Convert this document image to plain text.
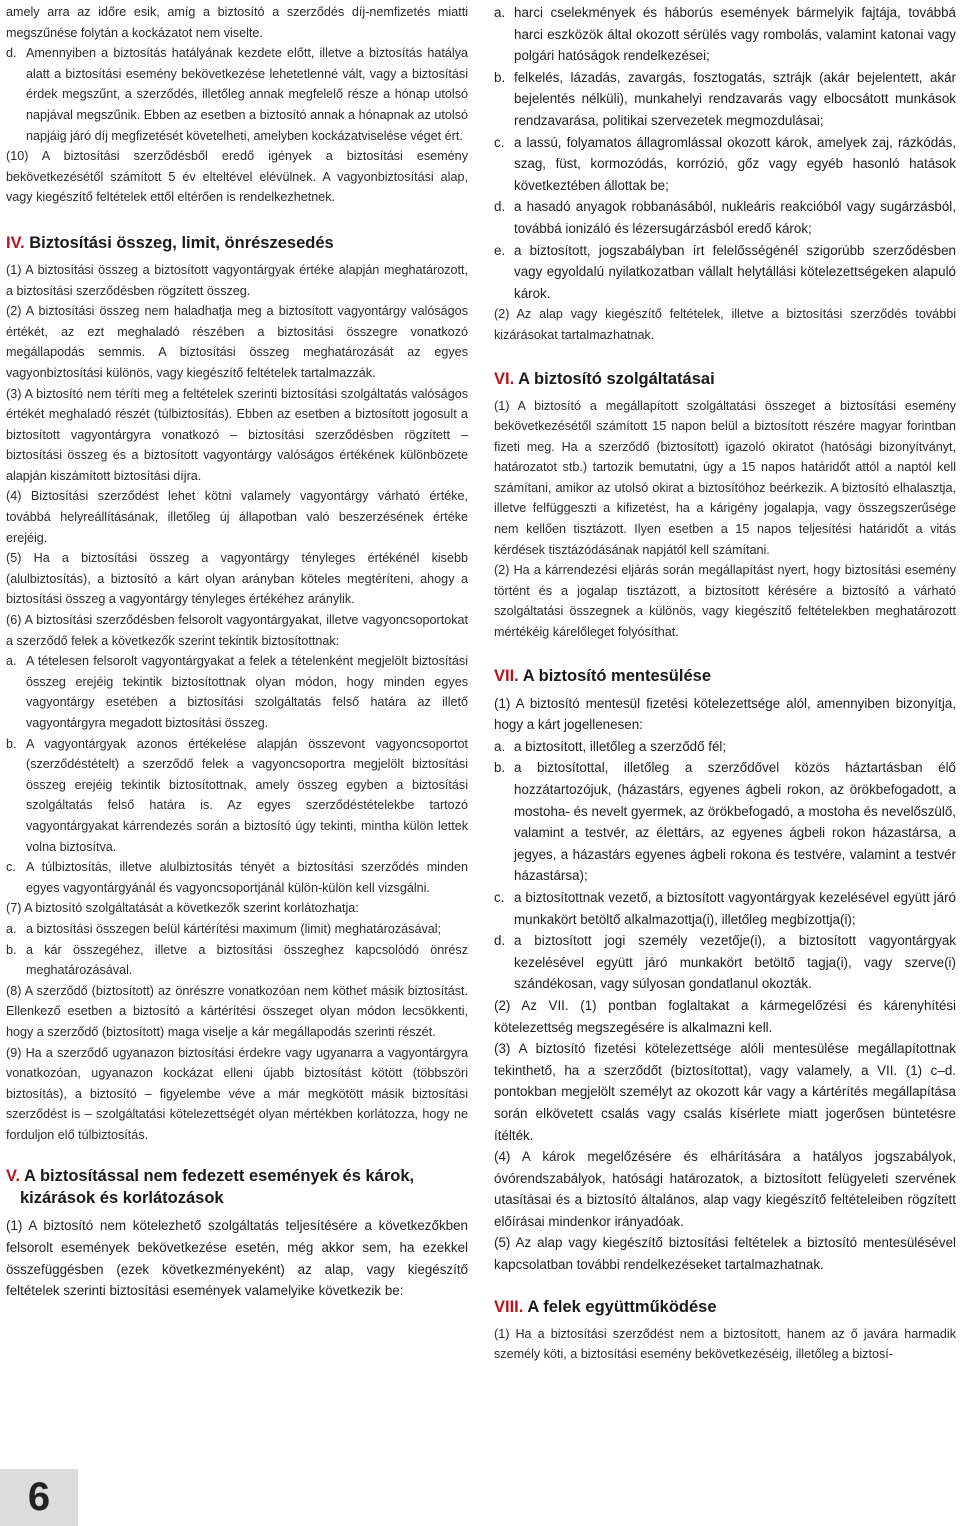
amely arra az időre esik, amíg a biztosító a szerződés díj-nemfizetés miatti megszűnése folytán a kockázatot nem viselte.

d. Amennyiben a biztosítás hatályának kezdete előtt, illetve a biztosítás hatálya alatt a biztosítási esemény bekövetkezése lehetetlenné vált, vagy a biztosítási érdek megszűnt, a szerződés, illetőleg annak megfelelő része a hónap utolsó napjával megszűnik. Ebben az esetben a biztosító annak a hónapnak az utolsó napjáig járó díj megfizetését követelheti, amelyben kockázatviselése véget ért.

(10) A biztosítási szerződésből eredő igények a biztosítási esemény bekövetkezésétől számított 5 év elteltével elévülnek. A vagyonbiztosítási alap, vagy kiegészítő feltételek ettől eltérően is rendelkezhetnek.

IV. Biztosítási összeg, limit, önrészesedés

(1) A biztosítási összeg a biztosított vagyontárgyak értéke alapján meghatározott, a biztosítási szerződésben rögzített összeg.

(2) A biztosítási összeg nem haladhatja meg a biztosított vagyontárgy valóságos értékét, az ezt meghaladó részében a biztosítási összegre vonatkozó megállapodás semmis. A biztosítási összeg meghatározását az egyes vagyonbiztosítási különös, vagy kiegészítő feltételek tartalmazzák.

(3) A biztosító nem téríti meg a feltételek szerinti biztosítási szolgáltatás valóságos értékét meghaladó részét (túlbiztosítás). Ebben az esetben a biztosított jogosult a biztosított vagyontárgyra vonatkozó – biztosítási szerződésben rögzített – biztosítási összeg és a biztosított vagyontárgy valóságos értékének különbözete alapján kiszámított biztosítási díjra.

(4) Biztosítási szerződést lehet kötni valamely vagyontárgy várható értéke, továbbá helyreállításának, illetőleg új állapotban való beszerzésének értéke erejéig.

(5) Ha a biztosítási összeg a vagyontárgy tényleges értékénél kisebb (alulbiztosítás), a biztosító a kárt olyan arányban köteles megtéríteni, ahogy a biztosítási összeg a vagyontárgy tényleges értékéhez aránylik.

(6) A biztosítási szerződésben felsorolt vagyontárgyakat, illetve vagyoncsoportokat a szerződő felek a következők szerint tekintik biztosítottnak:

a. A tételesen felsorolt vagyontárgyakat a felek a tételenként megjelölt biztosítási összeg erejéig tekintik biztosítottnak olyan módon, hogy minden egyes vagyontárgy esetében a biztosítási szolgáltatás felső határa az illető vagyontárgyra megadott biztosítási összeg.
b. A vagyontárgyak azonos értékelése alapján összevont vagyoncsoportot (szerződéstételt) a szerződő felek a vagyoncsoportra megjelölt biztosítási összeg erejéig tekintik biztosítottnak, amely összeg egyben a biztosítási szolgáltatás felső határa is. Az egyes szerződéstételekbe tartozó vagyontárgyakat kárrendezés során a biztosító úgy tekinti, mintha külön lettek volna biztosítva.
c. A túlbiztosítás, illetve alulbiztosítás tényét a biztosítási szerződés minden egyes vagyontárgyánál és vagyoncsoportjánál külön-külön kell vizsgálni.

(7) A biztosító szolgáltatását a következők szerint korlátozhatja:

a. a biztosítási összegen belül kártérítési maximum (limit) meghatározásával;
b. a kár összegéhez, illetve a biztosítási összeghez kapcsolódó önrész meghatározásával.

(8) A szerződő (biztosított) az önrészre vonatkozóan nem köthet másik biztosítást. Ellenkező esetben a biztosító a kártérítési összeget olyan módon lecsökkenti, hogy a szerződő (biztosított) maga viselje a kár megállapodás szerinti részét.

(9) Ha a szerződő ugyanazon biztosítási érdekre vagy ugyanarra a vagyontárgyra vonatkozóan, ugyanazon kockázat elleni újabb biztosítást kötött (többszöri biztosítás), a biztosító – figyelembe véve a már megkötött másik biztosítási szerződést is – szolgáltatási kötelezettségét olyan mértékben korlátozza, hogy ne forduljon elő túlbiztosítás.

V. A biztosítással nem fedezett események és károk,
kizárások és korlátozások

(1) A biztosító nem kötelezhető szolgáltatás teljesítésére a következőkben felsorolt események bekövetkezése esetén, még akkor sem, ha ezekkel összefüggésben (ezek következményeként) az alap, vagy kiegészítő feltételek szerinti biztosítási események valamelyike következik be:

a. harci cselekmények és háborús események bármelyik fajtája, továbbá harci eszközök által okozott sérülés vagy rombolás, valamint katonai vagy polgári hatóságok rendelkezései;
b. felkelés, lázadás, zavargás, fosztogatás, sztrájk (akár bejelentett, akár bejelentés nélküli), munkahelyi rendzavarás vagy elbocsátott munkások rendzavarása, politikai szervezetek megmozdulásai;
c. a lassú, folyamatos állagromlással okozott károk, amelyek zaj, rázkódás, szag, füst, kormozódás, korrózió, gőz vagy egyéb hasonló hatások következtében állottak be;
d. a hasadó anyagok robbanásából, nukleáris reakcióból vagy sugárzásból, továbbá ionizáló és lézersugárzásból eredő károk;
e. a biztosított, jogszabályban írt felelősségénél szigorúbb szerződésben vagy egyoldalú nyilatkozatban vállalt helytállási kötelezettségeken alapuló károk.

(2) Az alap vagy kiegészítő feltételek, illetve a biztosítási szerződés további kizárásokat tartalmazhatnak.

VI. A biztosító szolgáltatásai

(1) A biztosító a megállapított szolgáltatási összeget a biztosítási esemény bekövetkezésétől számított 15 napon belül a biztosított részére magyar forintban fizeti meg. Ha a szerződő (biztosított) igazoló okiratot (hatósági bizonyítványt, határozatot stb.) tartozik bemutatni, úgy a 15 napos határidőt attól a naptól kell számítani, amikor az utolsó okirat a biztosítóhoz beérkezik. A biztosító elhalasztja, illetve felfüggeszti a kifizetést, ha a kárigény jogalapja, vagy összegszerűsége nem kellően tisztázott. Ilyen esetben a 15 napos teljesítési határidőt a vitás kérdések tisztázódásának napjától kell számítani.

(2) Ha a kárrendezési eljárás során megállapítást nyert, hogy biztosítási esemény történt és a jogalap tisztázott, a biztosított kérésére a biztosító a várható szolgáltatási összegnek a különös, vagy kiegészítő feltételekben meghatározott mértékéig kárelőleget folyósíthat.

VII. A biztosító mentesülése

(1) A biztosító mentesül fizetési kötelezettsége alól, amennyiben bizonyítja, hogy a kárt jogellenesen:

a. a biztosított, illetőleg a szerződő fél;
b. a biztosítottal, illetőleg a szerződővel közös háztartásban élő hozzátartozójuk, (házastárs, egyenes ágbeli rokon, az örökbefogadott, a mostoha- és nevelt gyermek, az örökbefogadó, a mostoha és nevelőszülő, valamint a testvér, az élettárs, az egyenes ágbeli rokon házastársa, a jegyes, a házastárs egyenes ágbeli rokona és testvére, valamint a testvér házastársa);
c. a biztosítottnak vezető, a biztosított vagyontárgyak kezelésével együtt járó munkakört betöltő alkalmazottja(i), illetőleg megbízottja(i);
d. a biztosított jogi személy vezetője(i), a biztosított vagyontárgyak kezelésével együtt járó munkakört betöltő tagja(i), vagy szerve(i) szándékosan, vagy súlyosan gondatlanul okozták.

(2) Az VII. (1) pontban foglaltakat a kármegelőzési és kárenyhítési kötelezettség megszegésére is alkalmazni kell.

(3) A biztosító fizetési kötelezettsége alóli mentesülése megállapítottnak tekinthető, ha a szerződőt (biztosítottat), vagy valamely, a VII. (1) c–d. pontokban megjelölt személyt az okozott kár vagy a kártérítés megállapítása során elkövetett csalás vagy csalás kísérlete miatt jogerősen büntetésre ítélték.

(4) A károk megelőzésére és elhárítására a hatályos jogszabályok, óvórendszabályok, hatósági határozatok, a biztosított felügyeleti szervének utasításai és a biztosító általános, alap vagy kiegészítő feltételeiben rögzített előírásai mindenkor irányadóak.

(5) Az alap vagy kiegészítő biztosítási feltételek a biztosító mentesülésével kapcsolatban további rendelkezéseket tartalmazhatnak.

VIII. A felek együttműködése

(1) Ha a biztosítási szerződést nem a biztosított, hanem az ő javára harmadik személy köti, a biztosítási esemény bekövetkezéséig, illetőleg a biztosí-

6
